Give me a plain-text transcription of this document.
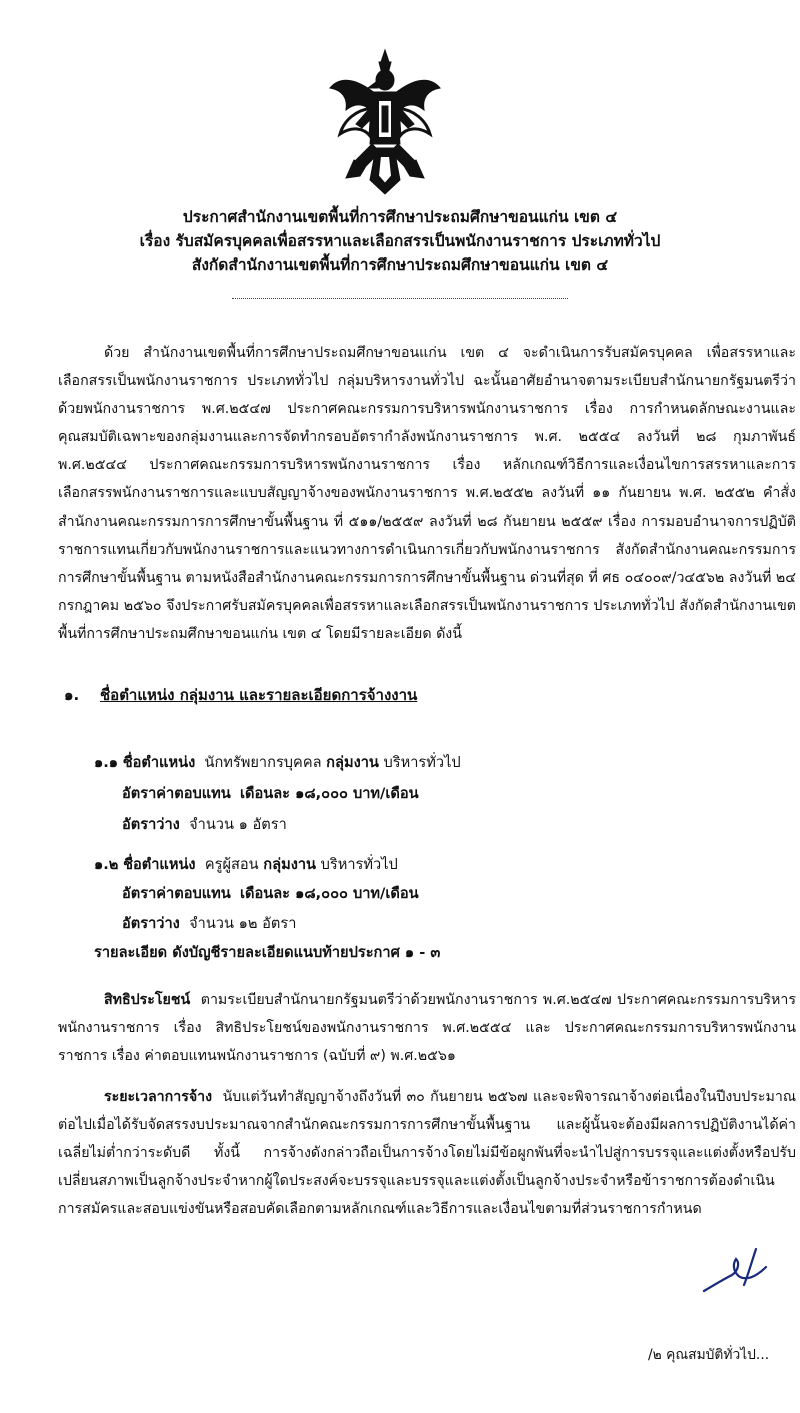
ประกาศสำนักงานเขตพื้นที่การศึกษาประถมศึกษาขอนแก่น เขต ๔
เรื่อง รับสมัครบุคคลเพื่อสรรหาและเลือกสรรเป็นพนักงานราชการ ประเภททั่วไป
สังกัดสำนักงานเขตพื้นที่การศึกษาประถมศึกษาขอนแก่น เขต ๔
ด้วย สำนักงานเขตพื้นที่การศึกษาประถมศึกษาขอนแก่น เขต ๔ จะดำเนินการรับสมัครบุคคล เพื่อสรรหาและเลือกสรรเป็นพนักงานราชการ ประเภททั่วไป กลุ่มบริหารงานทั่วไป ฉะนั้นอาศัยอำนาจตามระเบียบสำนักนายกรัฐมนตรีว่าด้วยพนักงานราชการ พ.ศ.๒๕๔๗ ประกาศคณะกรรมการบริหารพนักงานราชการ เรื่อง การกำหนดลักษณะงานและคุณสมบัติเฉพาะของกลุ่มงานและการจัดทำกรอบอัตรากำลังพนักงานราชการ พ.ศ. ๒๕๕๔ ลงวันที่ ๒๘ กุมภาพันธ์ พ.ศ.๒๕๔๔ ประกาศคณะกรรมการบริหารพนักงานราชการ เรื่อง หลักเกณฑ์วิธีการและเงื่อนไขการสรรหาและการเลือกสรรพนักงานราชการและแบบสัญญาจ้างของพนักงานราชการ พ.ศ.๒๕๕๒ ลงวันที่ ๑๑ กันยายน พ.ศ. ๒๕๕๒ คำสั่งสำนักงานคณะกรรมการการศึกษาขั้นพื้นฐาน ที่ ๕๑๑/๒๕๕๙ ลงวันที่ ๒๘ กันยายน ๒๕๕๙ เรื่อง การมอบอำนาจการปฏิบัติราชการแทนเกี่ยวกับพนักงานราชการและแนวทางการดำเนินการเกี่ยวกับพนักงานราชการ สังกัดสำนักงานคณะกรรมการการศึกษาขั้นพื้นฐาน ตามหนังสือสำนักงานคณะกรรมการการศึกษาขั้นพื้นฐาน ด่วนที่สุด ที่ ศธ ๐๔๐๐๙/ว๔๕๖๒ ลงวันที่ ๒๔ กรกฎาคม ๒๕๖๐ จึงประกาศรับสมัครบุคคลเพื่อสรรหาและเลือกสรรเป็นพนักงานราชการ ประเภททั่วไป สังกัดสำนักงานเขตพื้นที่การศึกษาประถมศึกษาขอนแก่น เขต ๔ โดยมีรายละเอียด ดังนี้
๑. ชื่อตำแหน่ง กลุ่มงาน และรายละเอียดการจ้างงาน
๑.๑ ชื่อตำแหน่ง นักทรัพยากรบุคคล กลุ่มงาน บริหารทั่วไป
อัตราค่าตอบแทน เดือนละ ๑๘,๐๐๐ บาท/เดือน
อัตราว่าง จำนวน ๑ อัตรา
๑.๒ ชื่อตำแหน่ง ครูผู้สอน กลุ่มงาน บริหารทั่วไป
อัตราค่าตอบแทน เดือนละ ๑๘,๐๐๐ บาท/เดือน
อัตราว่าง จำนวน ๑๒ อัตรา
รายละเอียด ดังบัญชีรายละเอียดแนบท้ายประกาศ ๑ - ๓
สิทธิประโยชน์ ตามระเบียบสำนักนายกรัฐมนตรีว่าด้วยพนักงานราชการ พ.ศ.๒๕๔๗ ประกาศคณะกรรมการบริหารพนักงานราชการ เรื่อง สิทธิประโยชน์ของพนักงานราชการ พ.ศ.๒๕๕๔ และ ประกาศคณะกรรมการบริหารพนักงานราชการ เรื่อง ค่าตอบแทนพนักงานราชการ (ฉบับที่ ๙) พ.ศ.๒๕๖๑
ระยะเวลาการจ้าง นับแต่วันทำสัญญาจ้างถึงวันที่ ๓๐ กันยายน ๒๕๖๗ และจะพิจารณาจ้างต่อเนื่องในปีงบประมาณต่อไปเมื่อได้รับจัดสรรงบประมาณจากสำนักคณะกรรมการการศึกษาขั้นพื้นฐาน และผู้นั้นจะต้องมีผลการปฏิบัติงานได้ค่าเฉลี่ยไม่ต่ำกว่าระดับดี ทั้งนี้ การจ้างดังกล่าวถือเป็นการจ้างโดยไม่มีข้อผูกพันที่จะนำไปสู่การบรรจุและแต่งตั้งหรือปรับเปลี่ยนสภาพเป็นลูกจ้างประจำหากผู้ใดประสงค์จะบรรจุและบรรจุและแต่งตั้งเป็นลูกจ้างประจำหรือข้าราชการต้องดำเนินการสมัครและสอบแข่งขันหรือสอบคัดเลือกตามหลักเกณฑ์และวิธีการและเงื่อนไขตามที่ส่วนราชการกำหนด
/๒ คุณสมบัติทั่วไป...
